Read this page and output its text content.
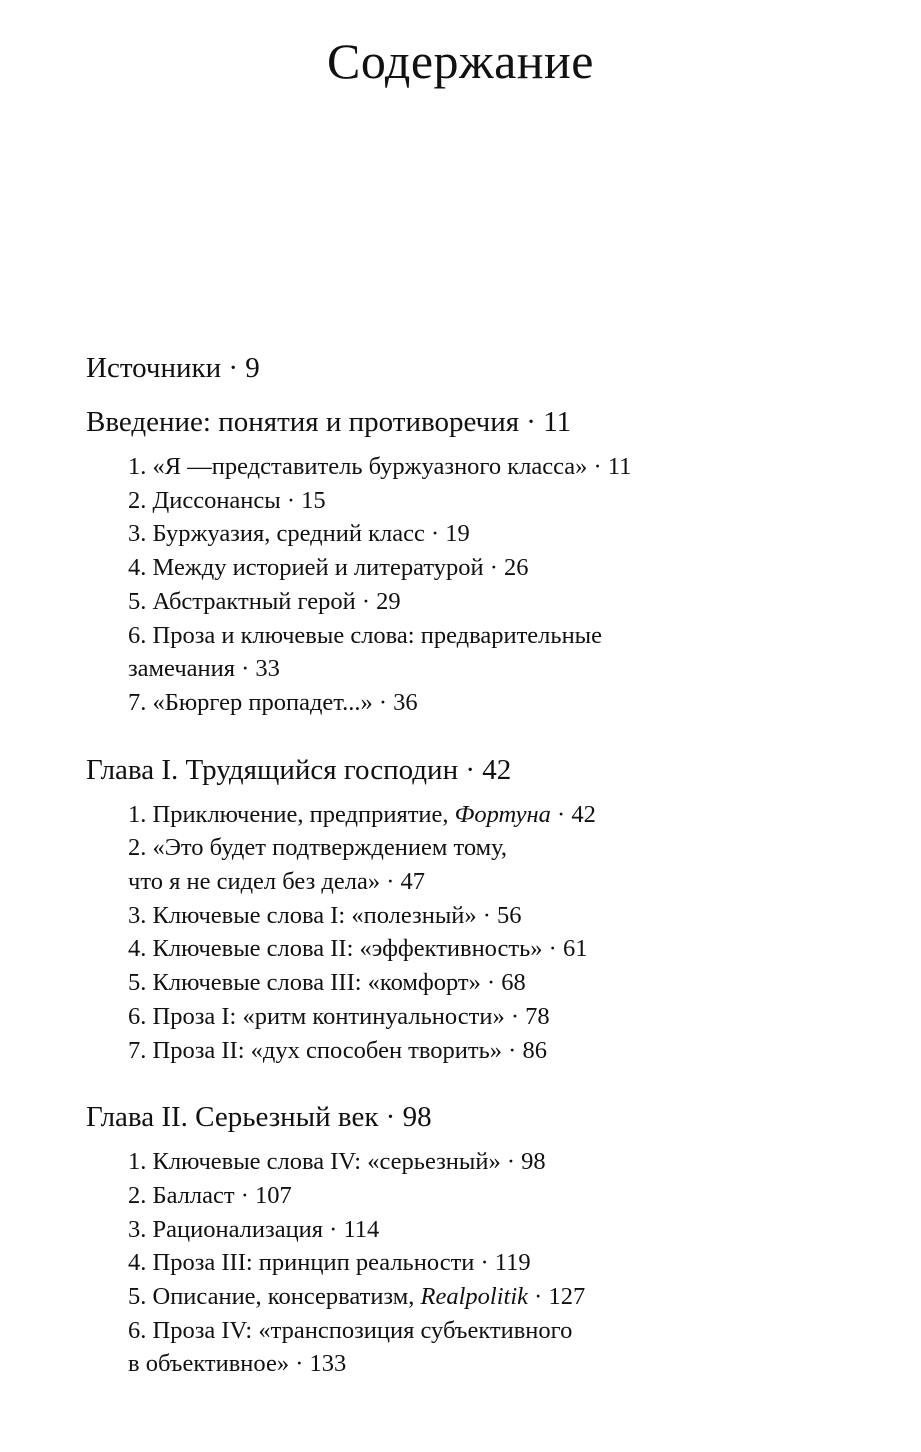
Содержание
Источники · 9
Введение: понятия и противоречия · 11
1. «Я —представитель буржуазного класса» · 11
2. Диссонансы · 15
3. Буржуазия, средний класс · 19
4. Между историей и литературой · 26
5. Абстрактный герой · 29
6. Проза и ключевые слова: предварительные
замечания · 33
7. «Бюргер пропадет...» · 36
Глава I. Трудящийся господин · 42
1. Приключение, предприятие, Фортуна · 42
2. «Это будет подтверждением тому,
что я не сидел без дела» · 47
3. Ключевые слова I: «полезный» · 56
4. Ключевые слова II: «эффективность» · 61
5. Ключевые слова III: «комфорт» · 68
6. Проза I: «ритм континуальности» · 78
7. Проза II: «дух способен творить» · 86
Глава II. Серьезный век · 98
1. Ключевые слова IV: «серьезный» · 98
2. Балласт · 107
3. Рационализация · 114
4. Проза III: принцип реальности · 119
5. Описание, консерватизм, Realpolitik · 127
6. Проза IV: «транспозиция субъективного
в объективное» · 133
